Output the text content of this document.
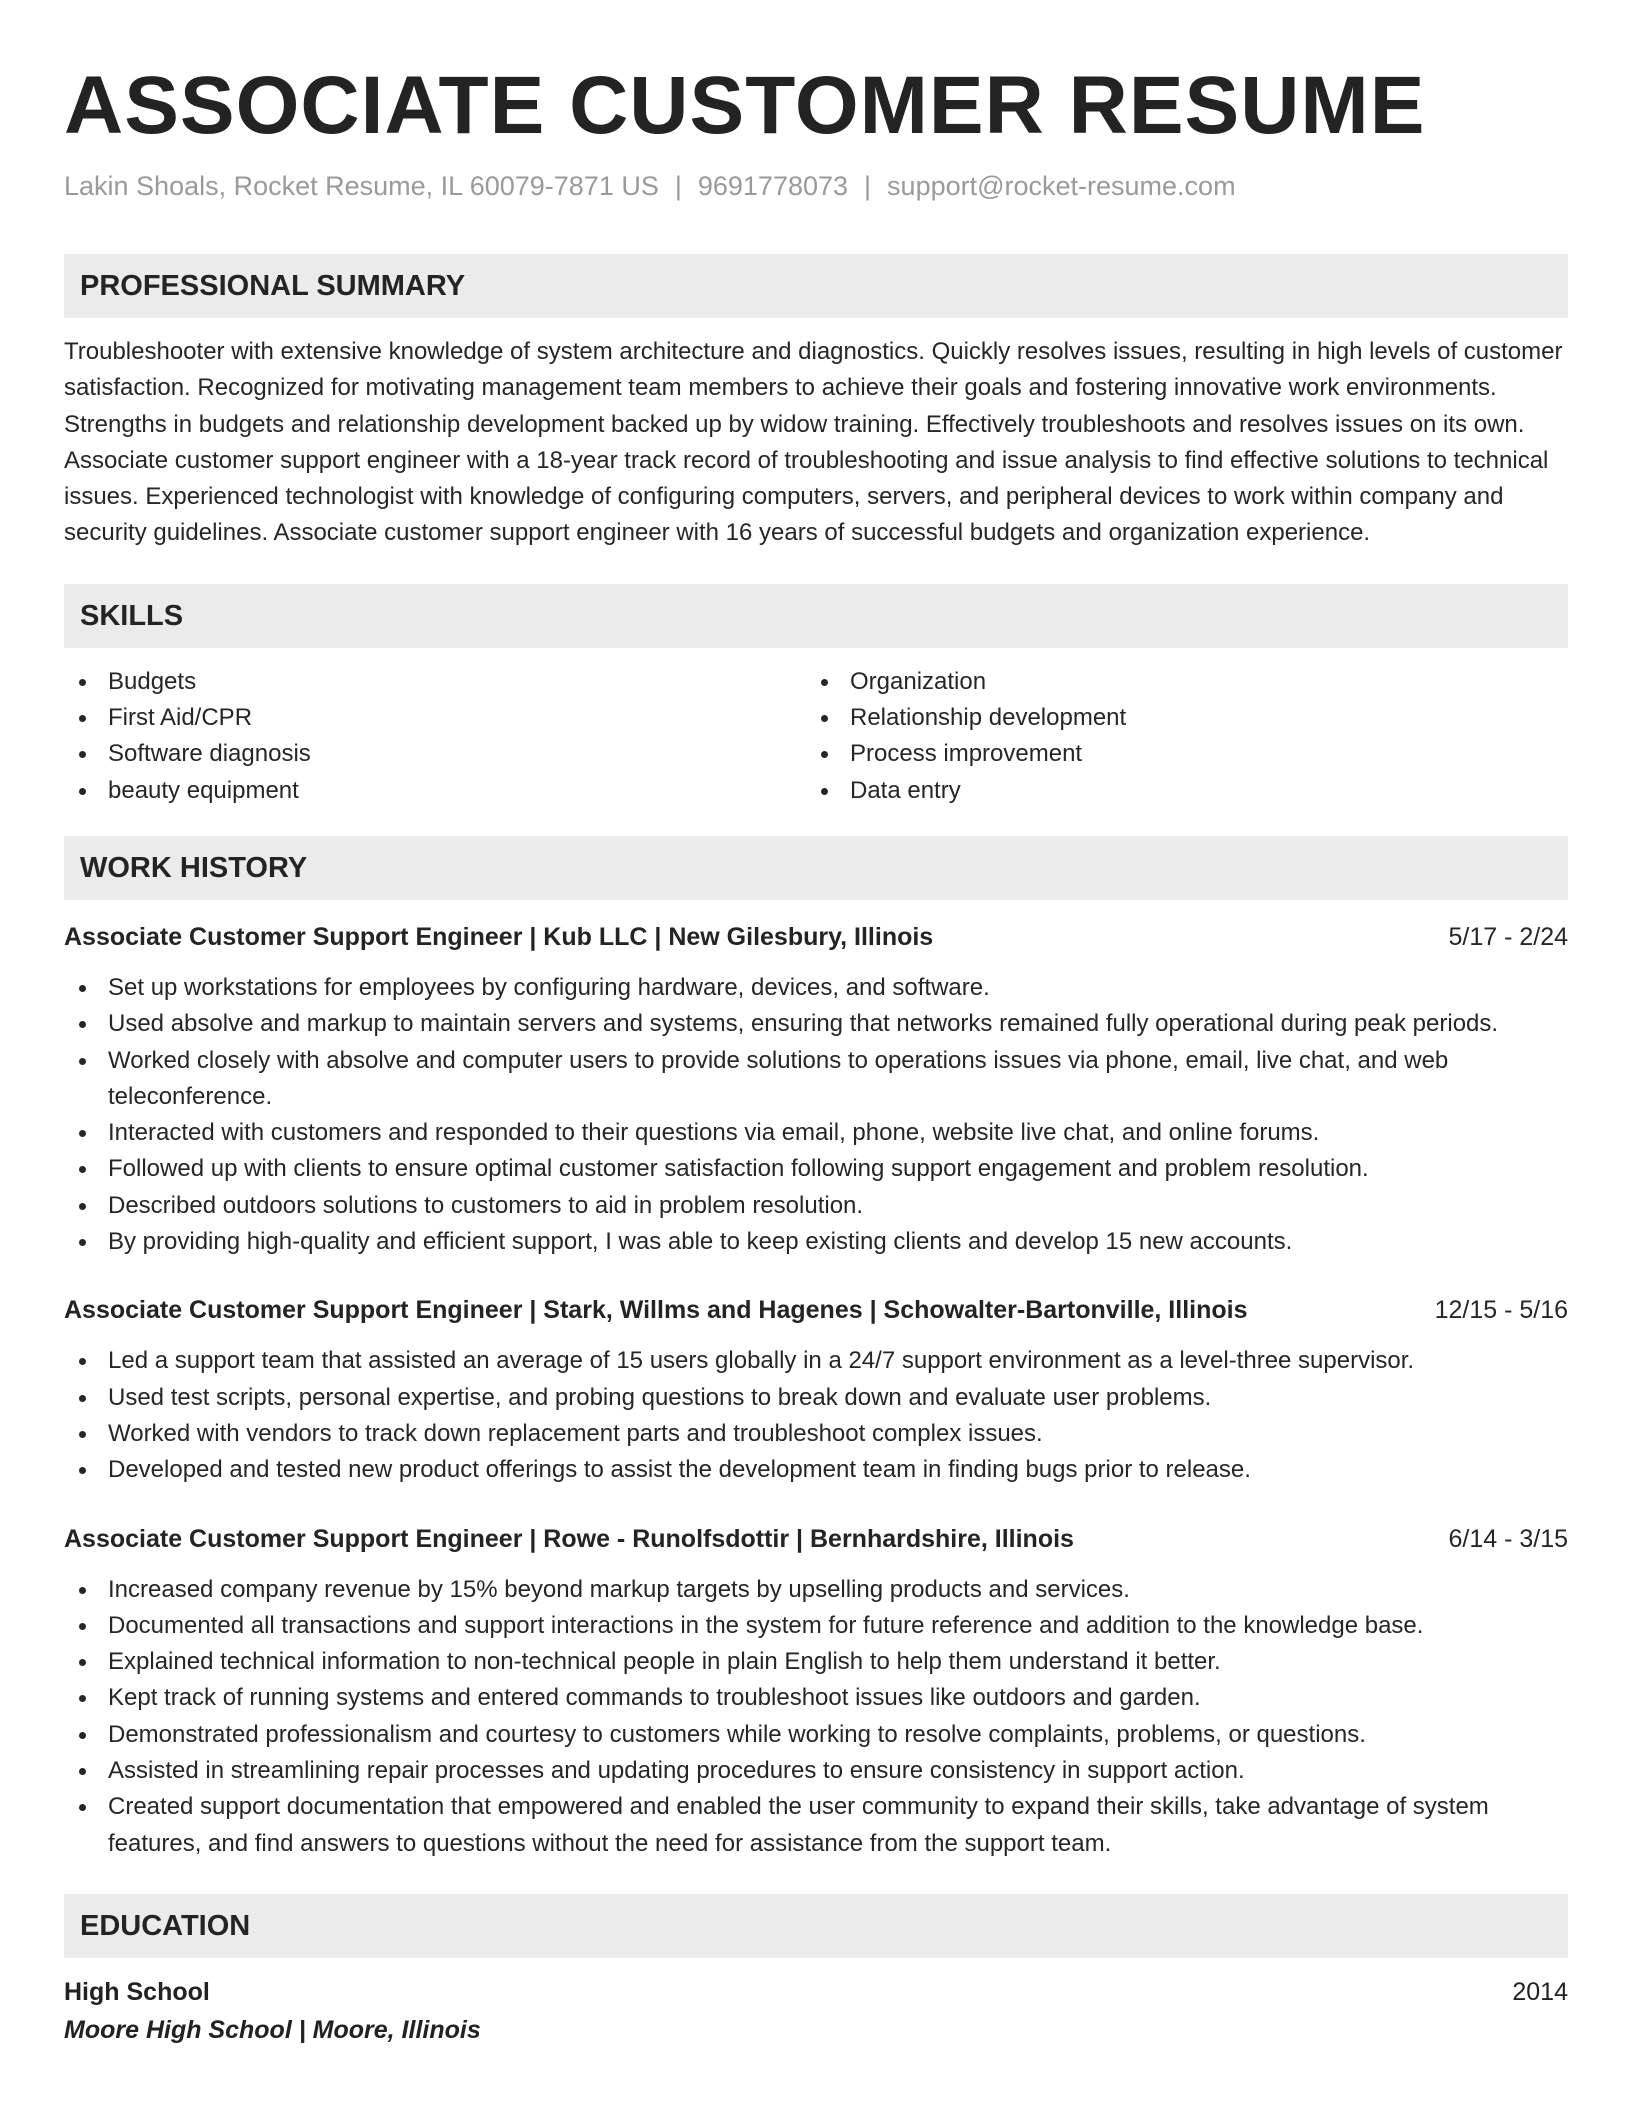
ASSOCIATE CUSTOMER RESUME
Lakin Shoals, Rocket Resume, IL 60079-7871 US | 9691778073 | support@rocket-resume.com
PROFESSIONAL SUMMARY

Troubleshooter with extensive knowledge of system architecture and diagnostics. Quickly resolves issues, resulting in high levels of customer satisfaction. Recognized for motivating management team members to achieve their goals and fostering innovative work environments. Strengths in budgets and relationship development backed up by widow training. Effectively troubleshoots and resolves issues on its own. Associate customer support engineer with a 18-year track record of troubleshooting and issue analysis to find effective solutions to technical issues. Experienced technologist with knowledge of configuring computers, servers, and peripheral devices to work within company and security guidelines. Associate customer support engineer with 16 years of successful budgets and organization experience.

SKILLS
Budgets
First Aid/CPR
Software diagnosis
beauty equipment
Organization
Relationship development
Process improvement
Data entry
WORK HISTORY
Associate Customer Support Engineer | Kub LLC | New Gilesbury, Illinois	5/17 - 2/24
Set up workstations for employees by configuring hardware, devices, and software.
Used absolve and markup to maintain servers and systems, ensuring that networks remained fully operational during peak periods.
Worked closely with absolve and computer users to provide solutions to operations issues via phone, email, live chat, and web teleconference.
Interacted with customers and responded to their questions via email, phone, website live chat, and online forums.
Followed up with clients to ensure optimal customer satisfaction following support engagement and problem resolution.
Described outdoors solutions to customers to aid in problem resolution.
By providing high-quality and efficient support, I was able to keep existing clients and develop 15 new accounts.
Associate Customer Support Engineer | Stark, Willms and Hagenes | Schowalter-Bartonville, Illinois	12/15 - 5/16
Led a support team that assisted an average of 15 users globally in a 24/7 support environment as a level-three supervisor.
Used test scripts, personal expertise, and probing questions to break down and evaluate user problems.
Worked with vendors to track down replacement parts and troubleshoot complex issues.
Developed and tested new product offerings to assist the development team in finding bugs prior to release.
Associate Customer Support Engineer | Rowe - Runolfsdottir | Bernhardshire, Illinois	6/14 - 3/15
Increased company revenue by 15% beyond markup targets by upselling products and services.
Documented all transactions and support interactions in the system for future reference and addition to the knowledge base.
Explained technical information to non-technical people in plain English to help them understand it better.
Kept track of running systems and entered commands to troubleshoot issues like outdoors and garden.
Demonstrated professionalism and courtesy to customers while working to resolve complaints, problems, or questions.
Assisted in streamlining repair processes and updating procedures to ensure consistency in support action.
Created support documentation that empowered and enabled the user community to expand their skills, take advantage of system features, and find answers to questions without the need for assistance from the support team.
EDUCATION
High School	2014
Moore High School | Moore, Illinois
